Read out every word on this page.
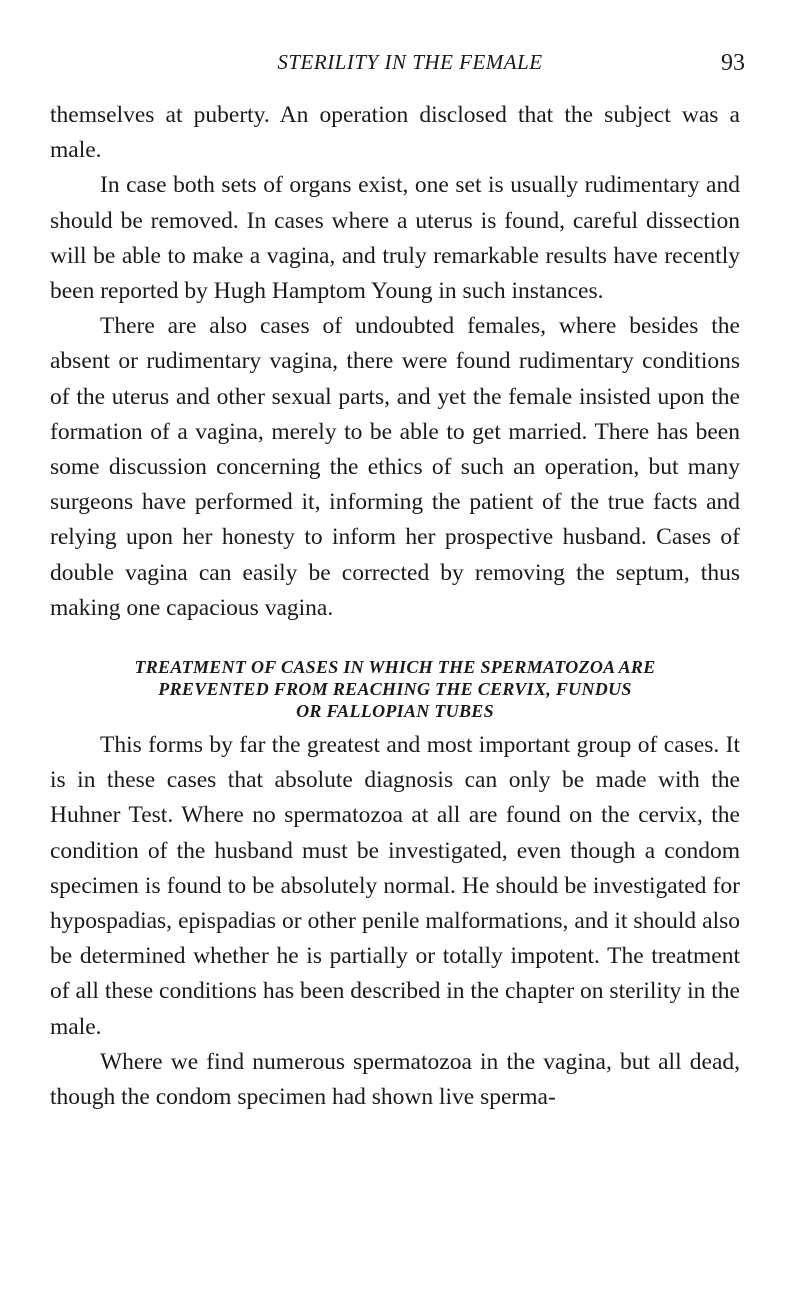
STERILITY IN THE FEMALE	93

themselves at puberty. An operation disclosed that the subject was a male.

In case both sets of organs exist, one set is usually rudimentary and should be removed. In cases where a uterus is found, careful dissection will be able to make a vagina, and truly remarkable results have recently been reported by Hugh Hamptom Young in such instances.

There are also cases of undoubted females, where besides the absent or rudimentary vagina, there were found rudimentary conditions of the uterus and other sexual parts, and yet the female insisted upon the formation of a vagina, merely to be able to get married. There has been some discussion concerning the ethics of such an operation, but many surgeons have performed it, informing the patient of the true facts and relying upon her honesty to inform her prospective husband. Cases of double vagina can easily be corrected by removing the septum, thus making one capacious vagina.

TREATMENT OF CASES IN WHICH THE SPERMATOZOA ARE
PREVENTED FROM REACHING THE CERVIX, FUNDUS
OR FALLOPIAN TUBES

This forms by far the greatest and most important group of cases. It is in these cases that absolute diagnosis can only be made with the Huhner Test. Where no spermatozoa at all are found on the cervix, the condition of the husband must be investigated, even though a condom specimen is found to be absolutely normal. He should be investigated for hypospadias, epispadias or other penile malformations, and it should also be determined whether he is partially or totally impotent. The treatment of all these conditions has been described in the chapter on sterility in the male.

Where we find numerous spermatozoa in the vagina, but all dead, though the condom specimen had shown live sperma-
